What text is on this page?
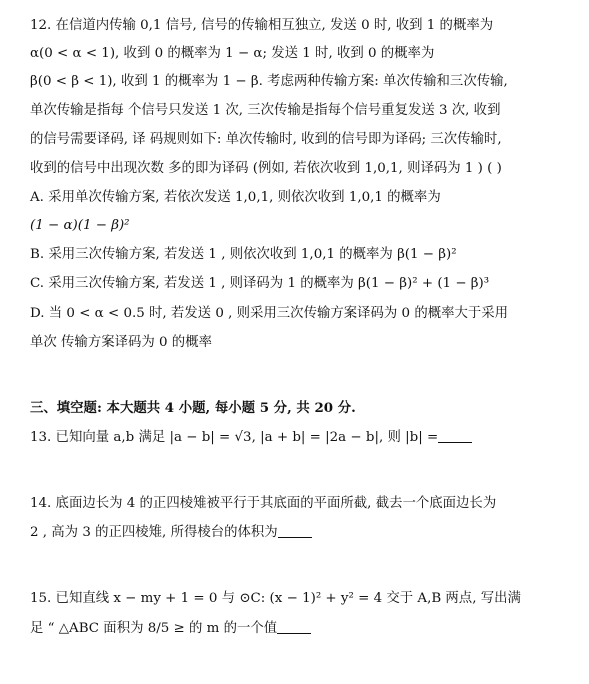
12. 在信道内传输 0,1 信号, 信号的传输相互独立, 发送 0 时, 收到 1 的概率为
α(0 < α < 1), 收到 0 的概率为 1 − α; 发送 1 时, 收到 0 的概率为
β(0 < β < 1), 收到 1 的概率为 1 − β. 考虑两种传输方案: 单次传输和三次传输,
单次传输是指每 个信号只发送 1 次, 三次传输是指每个信号重复发送 3 次, 收到
的信号需要译码, 译 码规则如下: 单次传输时, 收到的信号即为译码; 三次传输时,
收到的信号中出现次数 多的即为译码 (例如, 若依次收到 1,0,1, 则译码为 1 ) ( )
A. 采用单次传输方案, 若依次发送 1,0,1, 则依次收到 1,0,1 的概率为
(1 − α)(1 − β)²
B. 采用三次传输方案, 若发送 1 , 则依次收到 1,0,1 的概率为 β(1 − β)²
C. 采用三次传输方案, 若发送 1 , 则译码为 1 的概率为 β(1 − β)² + (1 − β)³
D. 当 0 < α < 0.5 时, 若发送 0 , 则采用三次传输方案译码为 0 的概率大于采用
单次 传输方案译码为 0 的概率
三、填空题: 本大题共 4 小题, 每小题 5 分, 共 20 分.
13. 已知向量 a,b 满足 |a − b| = √3, |a + b| = |2a − b|, 则 |b| =
14. 底面边长为 4 的正四棱雉被平行于其底面的平面所截, 截去一个底面边长为
2 , 高为 3 的正四棱雉, 所得棱台的体积为
15. 已知直线 x − my + 1 = 0 与 ⊙C: (x − 1)² + y² = 4 交于 A,B 两点, 写出满
足 “ △ABC 面积为 8/5 ≥ 的 m 的一个值
